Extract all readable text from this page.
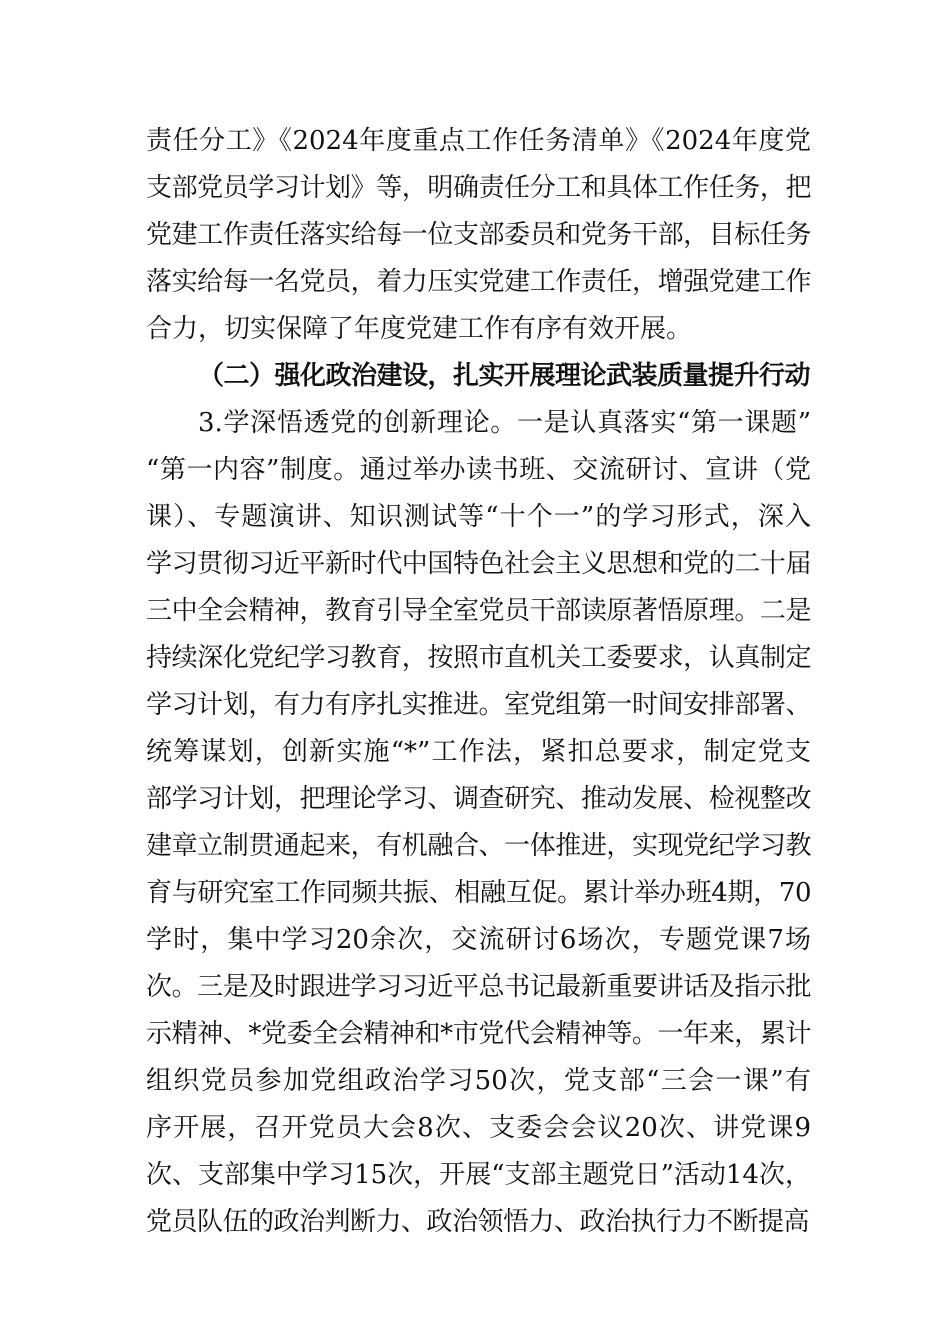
责任分工》《2024年度重点工作任务清单》《2024年度党
支部党员学习计划》等，明确责任分工和具体工作任务，把
党建工作责任落实给每一位支部委员和党务干部，目标任务
落实给每一名党员，着力压实党建工作责任，增强党建工作
合力，切实保障了年度党建工作有序有效开展。
（二）强化政治建设，扎实开展理论武装质量提升行动
3.学深悟透党的创新理论。一是认真落实“第一课题”
“第一内容”制度。通过举办读书班、交流研讨、宣讲（党
课）、专题演讲、知识测试等“十个一”的学习形式，深入
学习贯彻习近平新时代中国特色社会主义思想和党的二十届
三中全会精神，教育引导全室党员干部读原著悟原理。二是
持续深化党纪学习教育，按照市直机关工委要求，认真制定
学习计划，有力有序扎实推进。室党组第一时间安排部署、
统筹谋划，创新实施“*”工作法，紧扣总要求，制定党支
部学习计划，把理论学习、调查研究、推动发展、检视整改
建章立制贯通起来，有机融合、一体推进，实现党纪学习教
育与研究室工作同频共振、相融互促。累计举办班4期，70
学时，集中学习20余次，交流研讨6场次，专题党课7场
次。三是及时跟进学习习近平总书记最新重要讲话及指示批
示精神、*党委全会精神和*市党代会精神等。一年来，累计
组织党员参加党组政治学习50次，党支部“三会一课”有
序开展，召开党员大会8次、支委会会议20次、讲党课9
次、支部集中学习15次，开展“支部主题党日”活动14次，
党员队伍的政治判断力、政治领悟力、政治执行力不断提高
